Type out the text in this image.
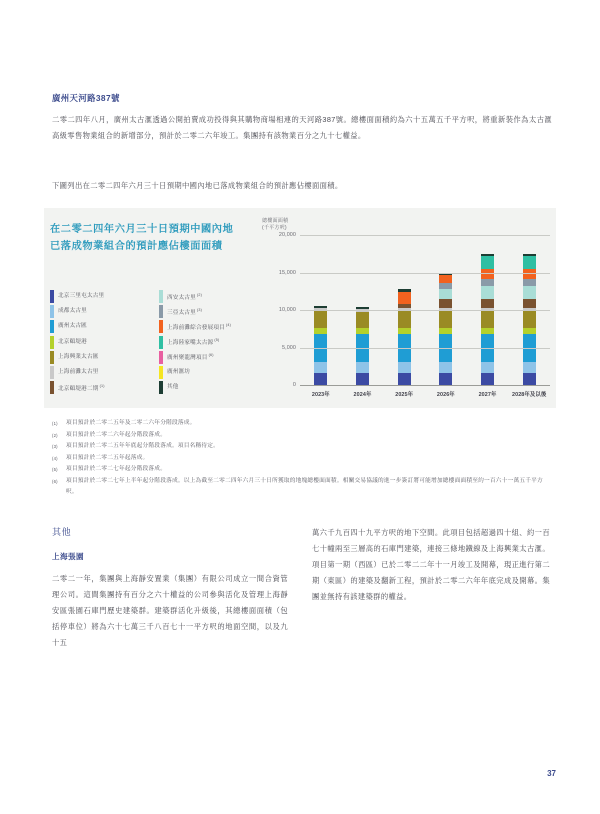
廣州天河路387號
二零二四年八月，廣州太古滙透過公開拍賣成功投得與其購物商場相連的天河路387號。總樓面面積約為六十五萬五千平方呎，將重新裝作為太古滙高級零售物業組合的新增部分，預計於二零二六年竣工。集團持有該物業百分之九十七權益。
下圖列出在二零二四年六月三十日預期中國內地已落成物業組合的預計應佔樓面面積。
在二零二四年六月三十日預期中國內地已落成物業組合的預計應佔樓面面積
北京三里屯太古里
成都太古里
廣州太古匯
北京頤堤港
上海興業太古匯
上海前灘太古里
北京頤堤港二期$^{(1)}$
西安太古里$^{(2)}$
三亞太古里$^{(3)}$
上海前灘綜合發展項目$^{(4)}$
上海陸家嘴太古源$^{(5)}$
廣州聚龍灣項目$^{(6)}$
廣州滙坊
其他
總樓面面積
(千平方呎)
2023年	2024年	2025年	2026年	2027年	2028年及以後
0
5,000
10,000
15,000
20,000
(1)	項目預計於二零二五年及二零二六年分階段落成。
(2)	項目預計於二零二六年起分階段落成。
(3)	項目預計於二零二五年年底起分階段落成。項目名稱待定。
(4)	項目預計於二零二五年起落成。
(5)	項目預計於二零二七年起分階段落成。
(6)	項目預計於二零二七年上半年起分階段落成。以上為截至二零二四年六月三十日所獲取的地塊總樓面面積。相關交易協議的進一步簽訂將可能增加總樓面面積至約一百六十一萬五千平方呎。
其他
上海張園
二零二一年，集團與上海靜安置業（集團）有限公司成立一間合資管理公司。這間集團持有百分之六十權益的公司參與活化及管理上海靜安區張園石庫門歷史建築群。建築群活化升級後，其總樓面面積（包括停車位）將為六十七萬三千八百七十一平方呎的地面空間，以及九十五
萬六千九百四十九平方呎的地下空間。此項目包括超過四十組、約一百七十幢兩至三層高的石庫門建築，連接三條地鐵線及上海興業太古滙。項目第一期（西區）已於二零二二年十一月竣工及開幕，現正進行第二期（東區）的建築及翻新工程，預計於二零二六年年底完成及開幕。集團並無持有該建築群的權益。
37
